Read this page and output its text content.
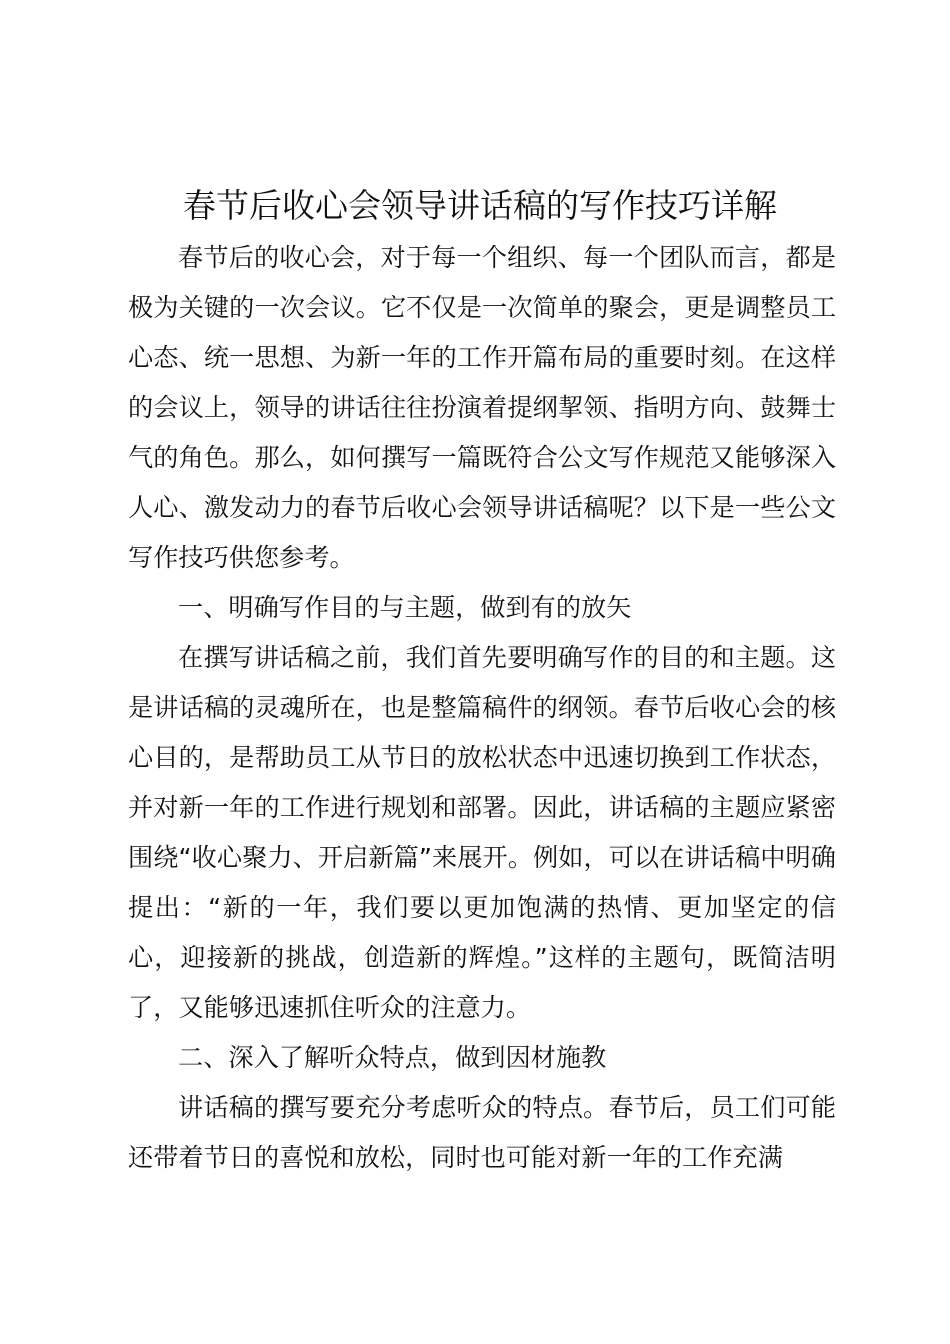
春节后收心会领导讲话稿的写作技巧详解

春节后的收心会，对于每一个组织、每一个团队而言，都是极为关键的一次会议。它不仅是一次简单的聚会，更是调整员工心态、统一思想、为新一年的工作开篇布局的重要时刻。在这样的会议上，领导的讲话往往扮演着提纲挈领、指明方向、鼓舞士气的角色。那么，如何撰写一篇既符合公文写作规范又能够深入人心、激发动力的春节后收心会领导讲话稿呢？以下是一些公文写作技巧供您参考。

一、明确写作目的与主题，做到有的放矢

在撰写讲话稿之前，我们首先要明确写作的目的和主题。这是讲话稿的灵魂所在，也是整篇稿件的纲领。春节后收心会的核心目的，是帮助员工从节日的放松状态中迅速切换到工作状态，并对新一年的工作进行规划和部署。因此，讲话稿的主题应紧密围绕“收心聚力、开启新篇”来展开。例如，可以在讲话稿中明确提出：“新的一年，我们要以更加饱满的热情、更加坚定的信心，迎接新的挑战，创造新的辉煌。”这样的主题句，既简洁明了，又能够迅速抓住听众的注意力。

二、深入了解听众特点，做到因材施教

讲话稿的撰写要充分考虑听众的特点。春节后，员工们可能还带着节日的喜悦和放松，同时也可能对新一年的工作充满
